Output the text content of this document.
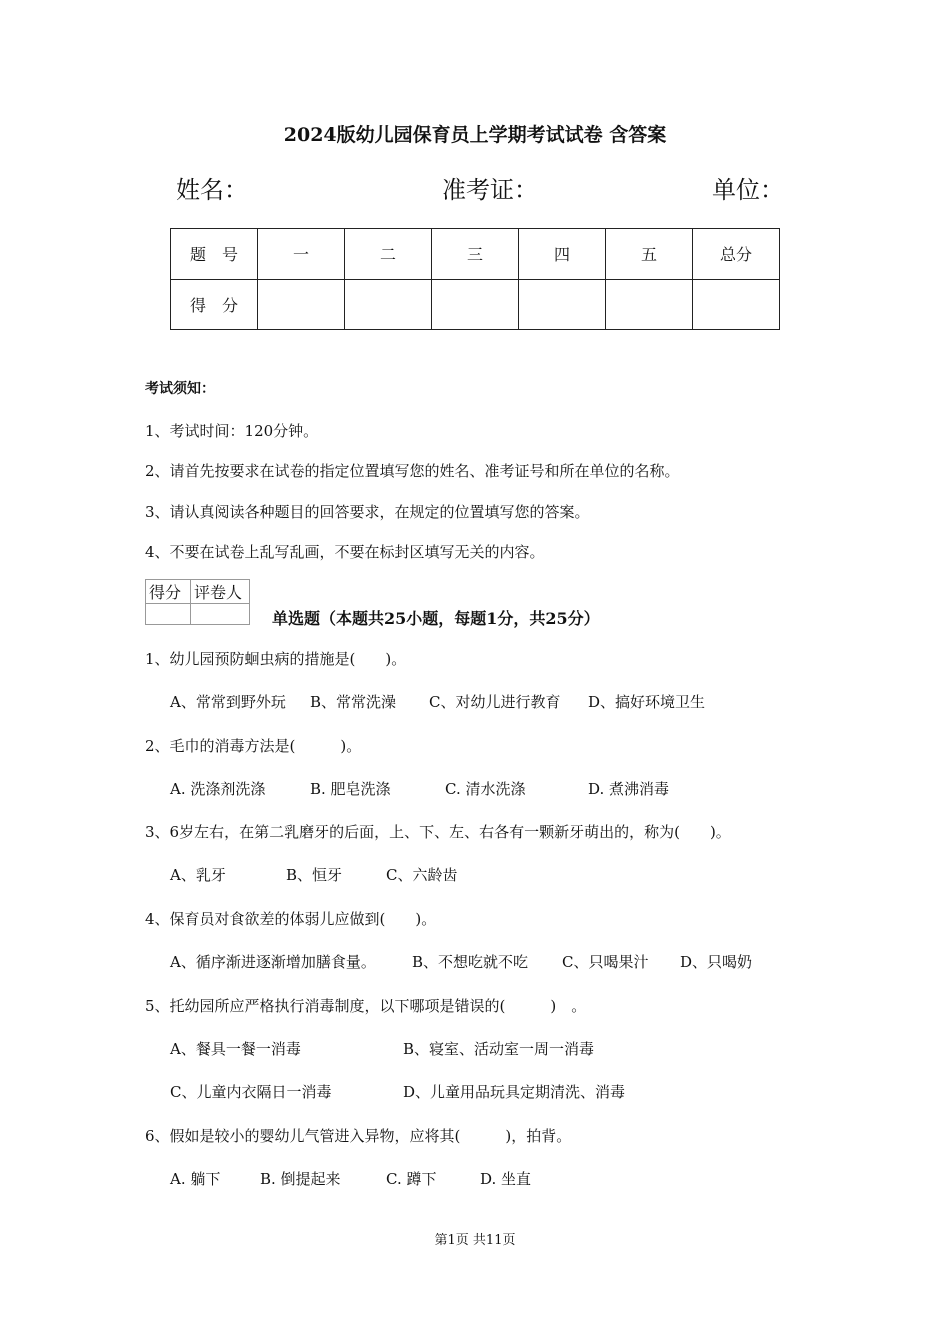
2024版幼儿园保育员上学期考试试卷 含答案
姓名：	准考证：	单位：
题　号	一	二	三	四	五	总分
得　分						
考试须知：
1、考试时间：120分钟。
2、请首先按要求在试卷的指定位置填写您的姓名、准考证号和所在单位的名称。
3、请认真阅读各种题目的回答要求，在规定的位置填写您的答案。
4、不要在试卷上乱写乱画，不要在标封区填写无关的内容。
得分	评卷人

单选题（本题共25小题，每题1分，共25分）
1、幼儿园预防蛔虫病的措施是(　　)。
A、常常到野外玩 B、常常洗澡 C、对幼儿进行教育 D、搞好环境卫生
2、毛巾的消毒方法是(　　　)。
A. 洗涤剂洗涤	B. 肥皂洗涤	C. 清水洗涤	D. 煮沸消毒
3、6岁左右，在第二乳磨牙的后面，上、下、左、右各有一颗新牙萌出的，称为(　　)。
A、乳牙	B、恒牙	C、六龄齿
4、保育员对食欲差的体弱儿应做到(　　)。
A、循序渐进逐渐增加膳食量。 B、不想吃就不吃 C、只喝果汁 D、只喝奶
5、托幼园所应严格执行消毒制度，以下哪项是错误的(　　　)　。
A、餐具一餐一消毒	B、寝室、活动室一周一消毒
C、儿童内衣隔日一消毒	D、儿童用品玩具定期清洗、消毒
6、假如是较小的婴幼儿气管进入异物，应将其(　　　)，拍背。
A. 躺下	B. 倒提起来	C. 蹲下	D. 坐直
第1页 共11页
